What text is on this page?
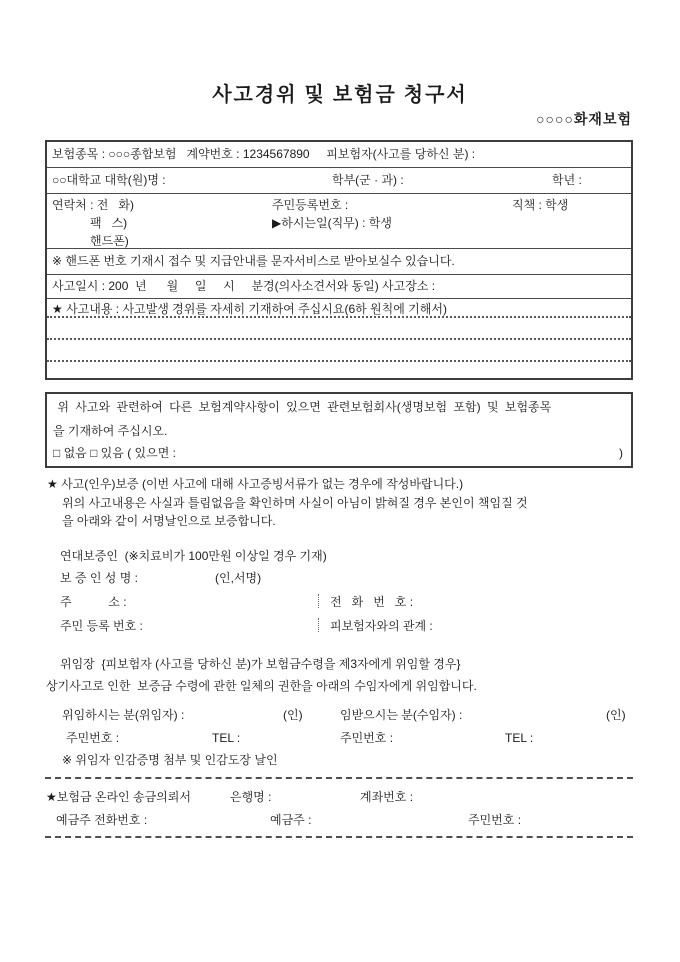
사고경위 및 보험금 청구서
○○○○화재보험
보험종목 : ○○○종합보험   계약번호 : 1234567890     피보험자(사고를 당하신 분) :
○○대학교 대학(원)명 :	학부(군 · 과) :	학년 :
연락처 : 전   화)	주민등록번호 :	직책 : 학생
팩   스)	▶하시는일(직무) : 학생
핸드폰)
※ 핸드폰 번호 기재시 접수 및 지급안내를 문자서비스로 받아보실수 있습니다.
사고일시 : 200  년      월     일     시     분경(의사소견서와 동일) 사고장소 :
★ 사고내용 : 사고발생 경위를 자세히 기재하여 주십시요(6하 원칙에 기해서)
위 사고와 관련하여 다른 보험계약사항이 있으면 관련보험회사(생명보험 포함) 및 보험종목
을 기재하여 주십시오.
□ 없음 □ 있음 ( 있으면 :	)
★ 사고(인우)보증 (이번 사고에 대해 사고증빙서류가 없는 경우에 작성바랍니다.)
위의 사고내용은 사실과 틀림없음을 확인하며 사실이 아님이 밝혀질 경우 본인이 책임질 것
을 아래와 같이 서명날인으로 보증합니다.
연대보증인  (※치료비가 100만원 이상일 경우 기재)
보 증 인 성 명 :	(인,서명)
주           소 :	전   화   번   호 :
주민 등록 번호 :	피보험자와의 관계 :
위임장  {피보험자 (사고를 당하신 분)가 보험금수령을 제3자에게 위임할 경우}
상기사고로 인한  보증금 수령에 관한 일체의 권한을 아래의 수임자에게 위임합니다.
위임하시는 분(위임자) :	(인)	임받으시는 분(수임자) :	(인)
주민번호 :	TEL :	주민번호 :	TEL :
※ 위임자 인감증명 첨부 및 인감도장 날인
★보험금 온라인 송금의뢰서	은행명 :	계좌번호 :
예금주 전화번호 :	예금주 :	주민번호 :
